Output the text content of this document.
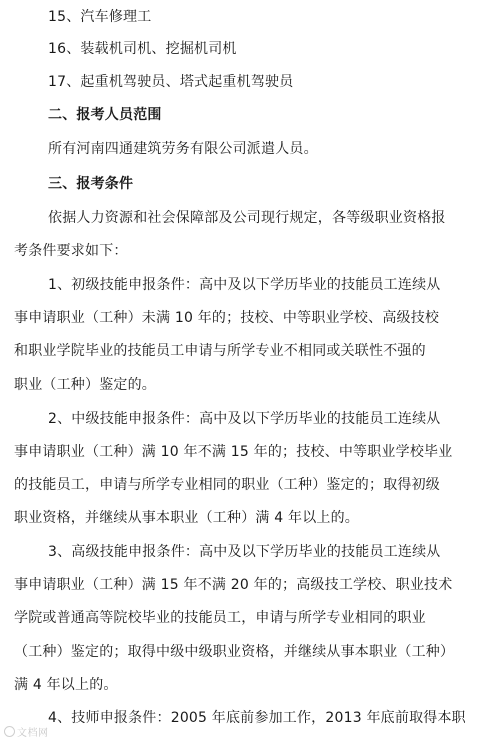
15、汽车修理工
16、装载机司机、挖掘机司机
17、起重机驾驶员、塔式起重机驾驶员
二、报考人员范围
所有河南四通建筑劳务有限公司派遣人员。
三、报考条件
依据人力资源和社会保障部及公司现行规定，各等级职业资格报
考条件要求如下：
1、初级技能申报条件：高中及以下学历毕业的技能员工连续从
事申请职业（工种）未满 10 年的；技校、中等职业学校、高级技校
和职业学院毕业的技能员工申请与所学专业不相同或关联性不强的
职业（工种）鉴定的。
2、中级技能申报条件：高中及以下学历毕业的技能员工连续从
事申请职业（工种）满 10 年不满 15 年的；技校、中等职业学校毕业
的技能员工，申请与所学专业相同的职业（工种）鉴定的；取得初级
职业资格，并继续从事本职业（工种）满 4 年以上的。
3、高级技能申报条件：高中及以下学历毕业的技能员工连续从
事申请职业（工种）满 15 年不满 20 年的；高级技工学校、职业技术
学院或普通高等院校毕业的技能员工，申请与所学专业相同的职业
（工种）鉴定的；取得中级中级职业资格，并继续从事本职业（工种）
满 4 年以上的。
4、技师申报条件：2005 年底前参加工作，2013 年底前取得本职
文档网
